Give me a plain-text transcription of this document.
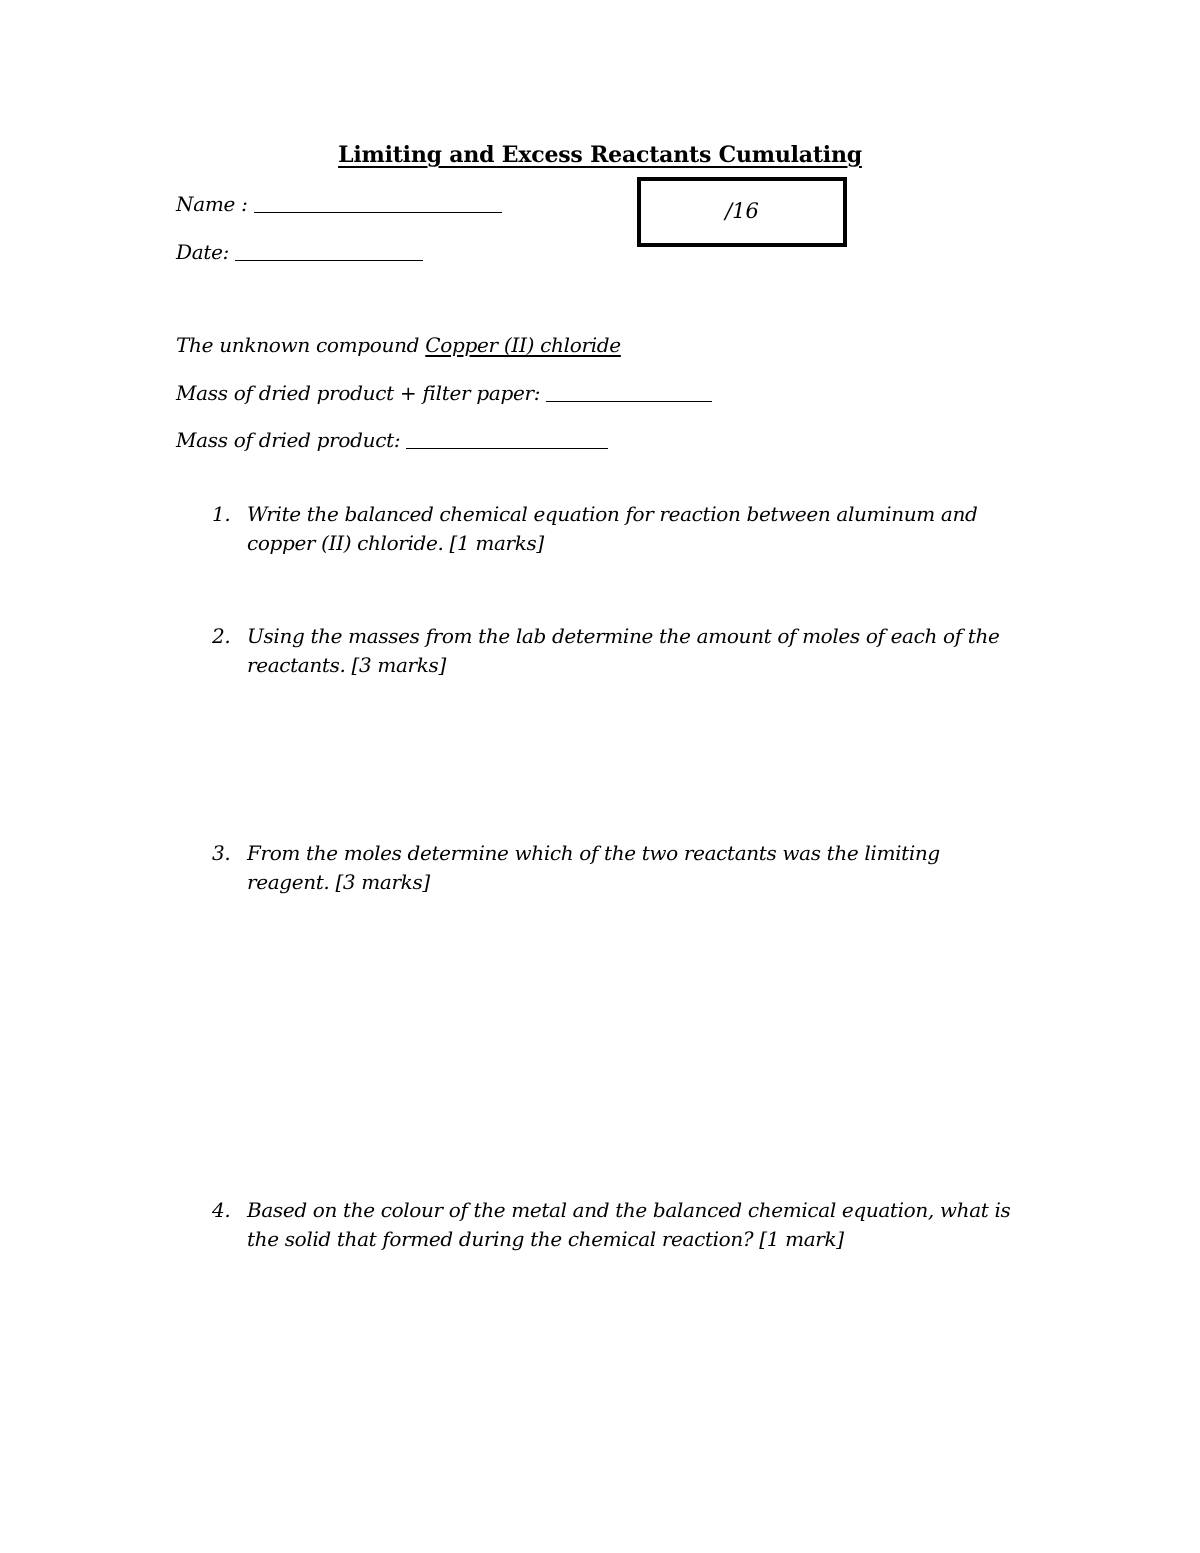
Limiting and Excess Reactants Cumulating
Name :
Date:
/16
The unknown compound Copper (II) chloride
Mass of dried product + filter paper:
Mass of dried product:
1. Write the balanced chemical equation for reaction between aluminum and copper (II) chloride. [1 marks]
2. Using the masses from the lab determine the amount of moles of each of the reactants. [3 marks]
3. From the moles determine which of the two reactants was the limiting reagent. [3 marks]
4. Based on the colour of the metal and the balanced chemical equation, what is the solid that formed during the chemical reaction? [1 mark]
